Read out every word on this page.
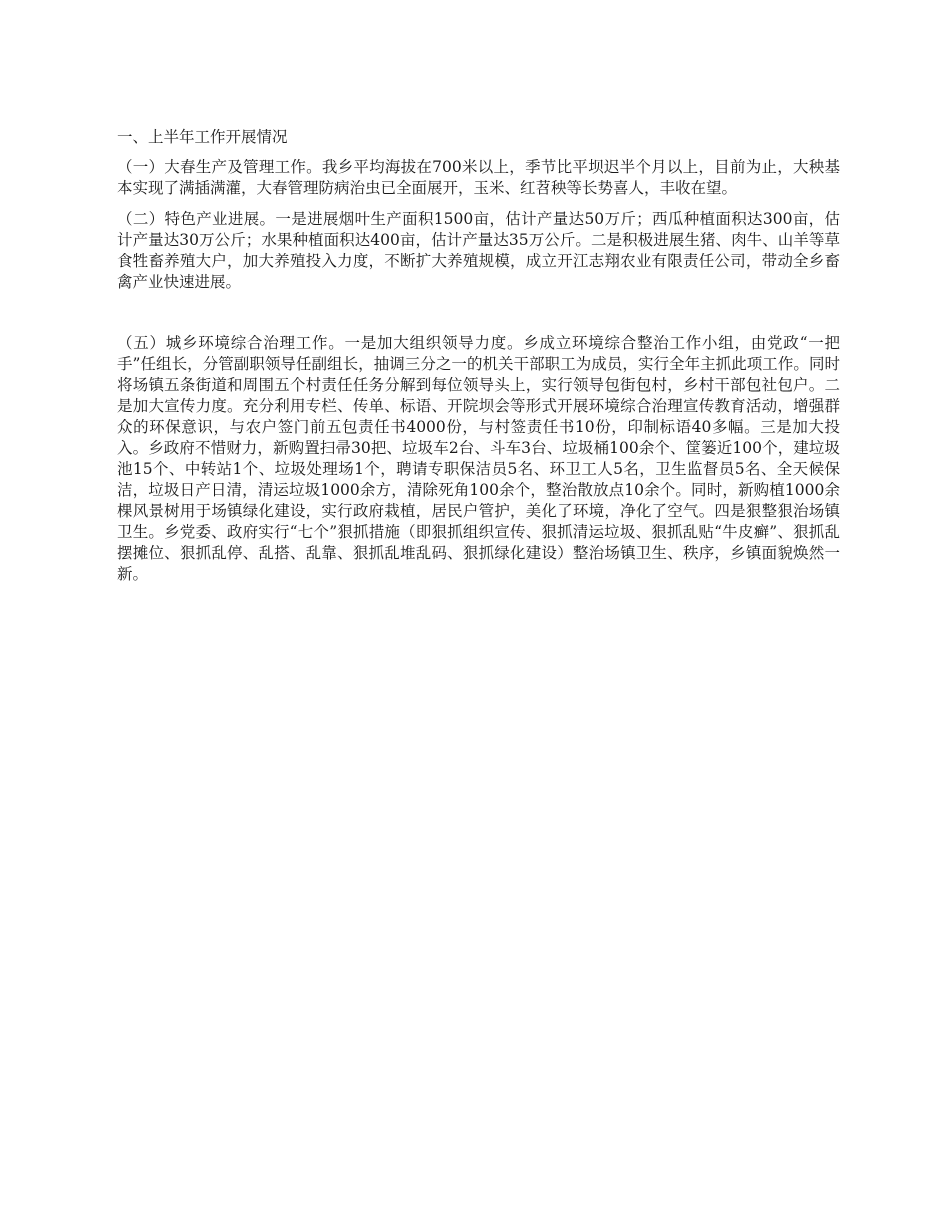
一、上半年工作开展情况

（一）大春生产及管理工作。我乡平均海拔在700米以上，季节比平坝迟半个月以上，目前为止，大秧基本实现了满插满灌，大春管理防病治虫已全面展开，玉米、红苕秧等长势喜人，丰收在望。

（二）特色产业进展。一是进展烟叶生产面积1500亩，估计产量达50万斤；西瓜种植面积达300亩，估计产量达30万公斤；水果种植面积达400亩，估计产量达35万公斤。二是积极进展生猪、肉牛、山羊等草食牲畜养殖大户，加大养殖投入力度，不断扩大养殖规模，成立开江志翔农业有限责任公司，带动全乡畜禽产业快速进展。

（五）城乡环境综合治理工作。一是加大组织领导力度。乡成立环境综合整治工作小组，由党政“一把手”任组长，分管副职领导任副组长，抽调三分之一的机关干部职工为成员，实行全年主抓此项工作。同时将场镇五条街道和周围五个村责任任务分解到每位领导头上，实行领导包街包村，乡村干部包社包户。二是加大宣传力度。充分利用专栏、传单、标语、开院坝会等形式开展环境综合治理宣传教育活动，增强群众的环保意识，与农户签门前五包责任书4000份，与村签责任书10份，印制标语40多幅。三是加大投入。乡政府不惜财力，新购置扫帚30把、垃圾车2台、斗车3台、垃圾桶100余个、筐篓近100个，建垃圾池15个、中转站1个、垃圾处理场1个，聘请专职保洁员5名、环卫工人5名，卫生监督员5名、全天候保洁，垃圾日产日清，清运垃圾1000余方，清除死角100余个，整治散放点10余个。同时，新购植1000余棵风景树用于场镇绿化建设，实行政府栽植，居民户管护，美化了环境，净化了空气。四是狠整狠治场镇卫生。乡党委、政府实行“七个”狠抓措施（即狠抓组织宣传、狠抓清运垃圾、狠抓乱贴“牛皮癣”、狠抓乱摆摊位、狠抓乱停、乱搭、乱靠、狠抓乱堆乱码、狠抓绿化建设）整治场镇卫生、秩序，乡镇面貌焕然一新。
